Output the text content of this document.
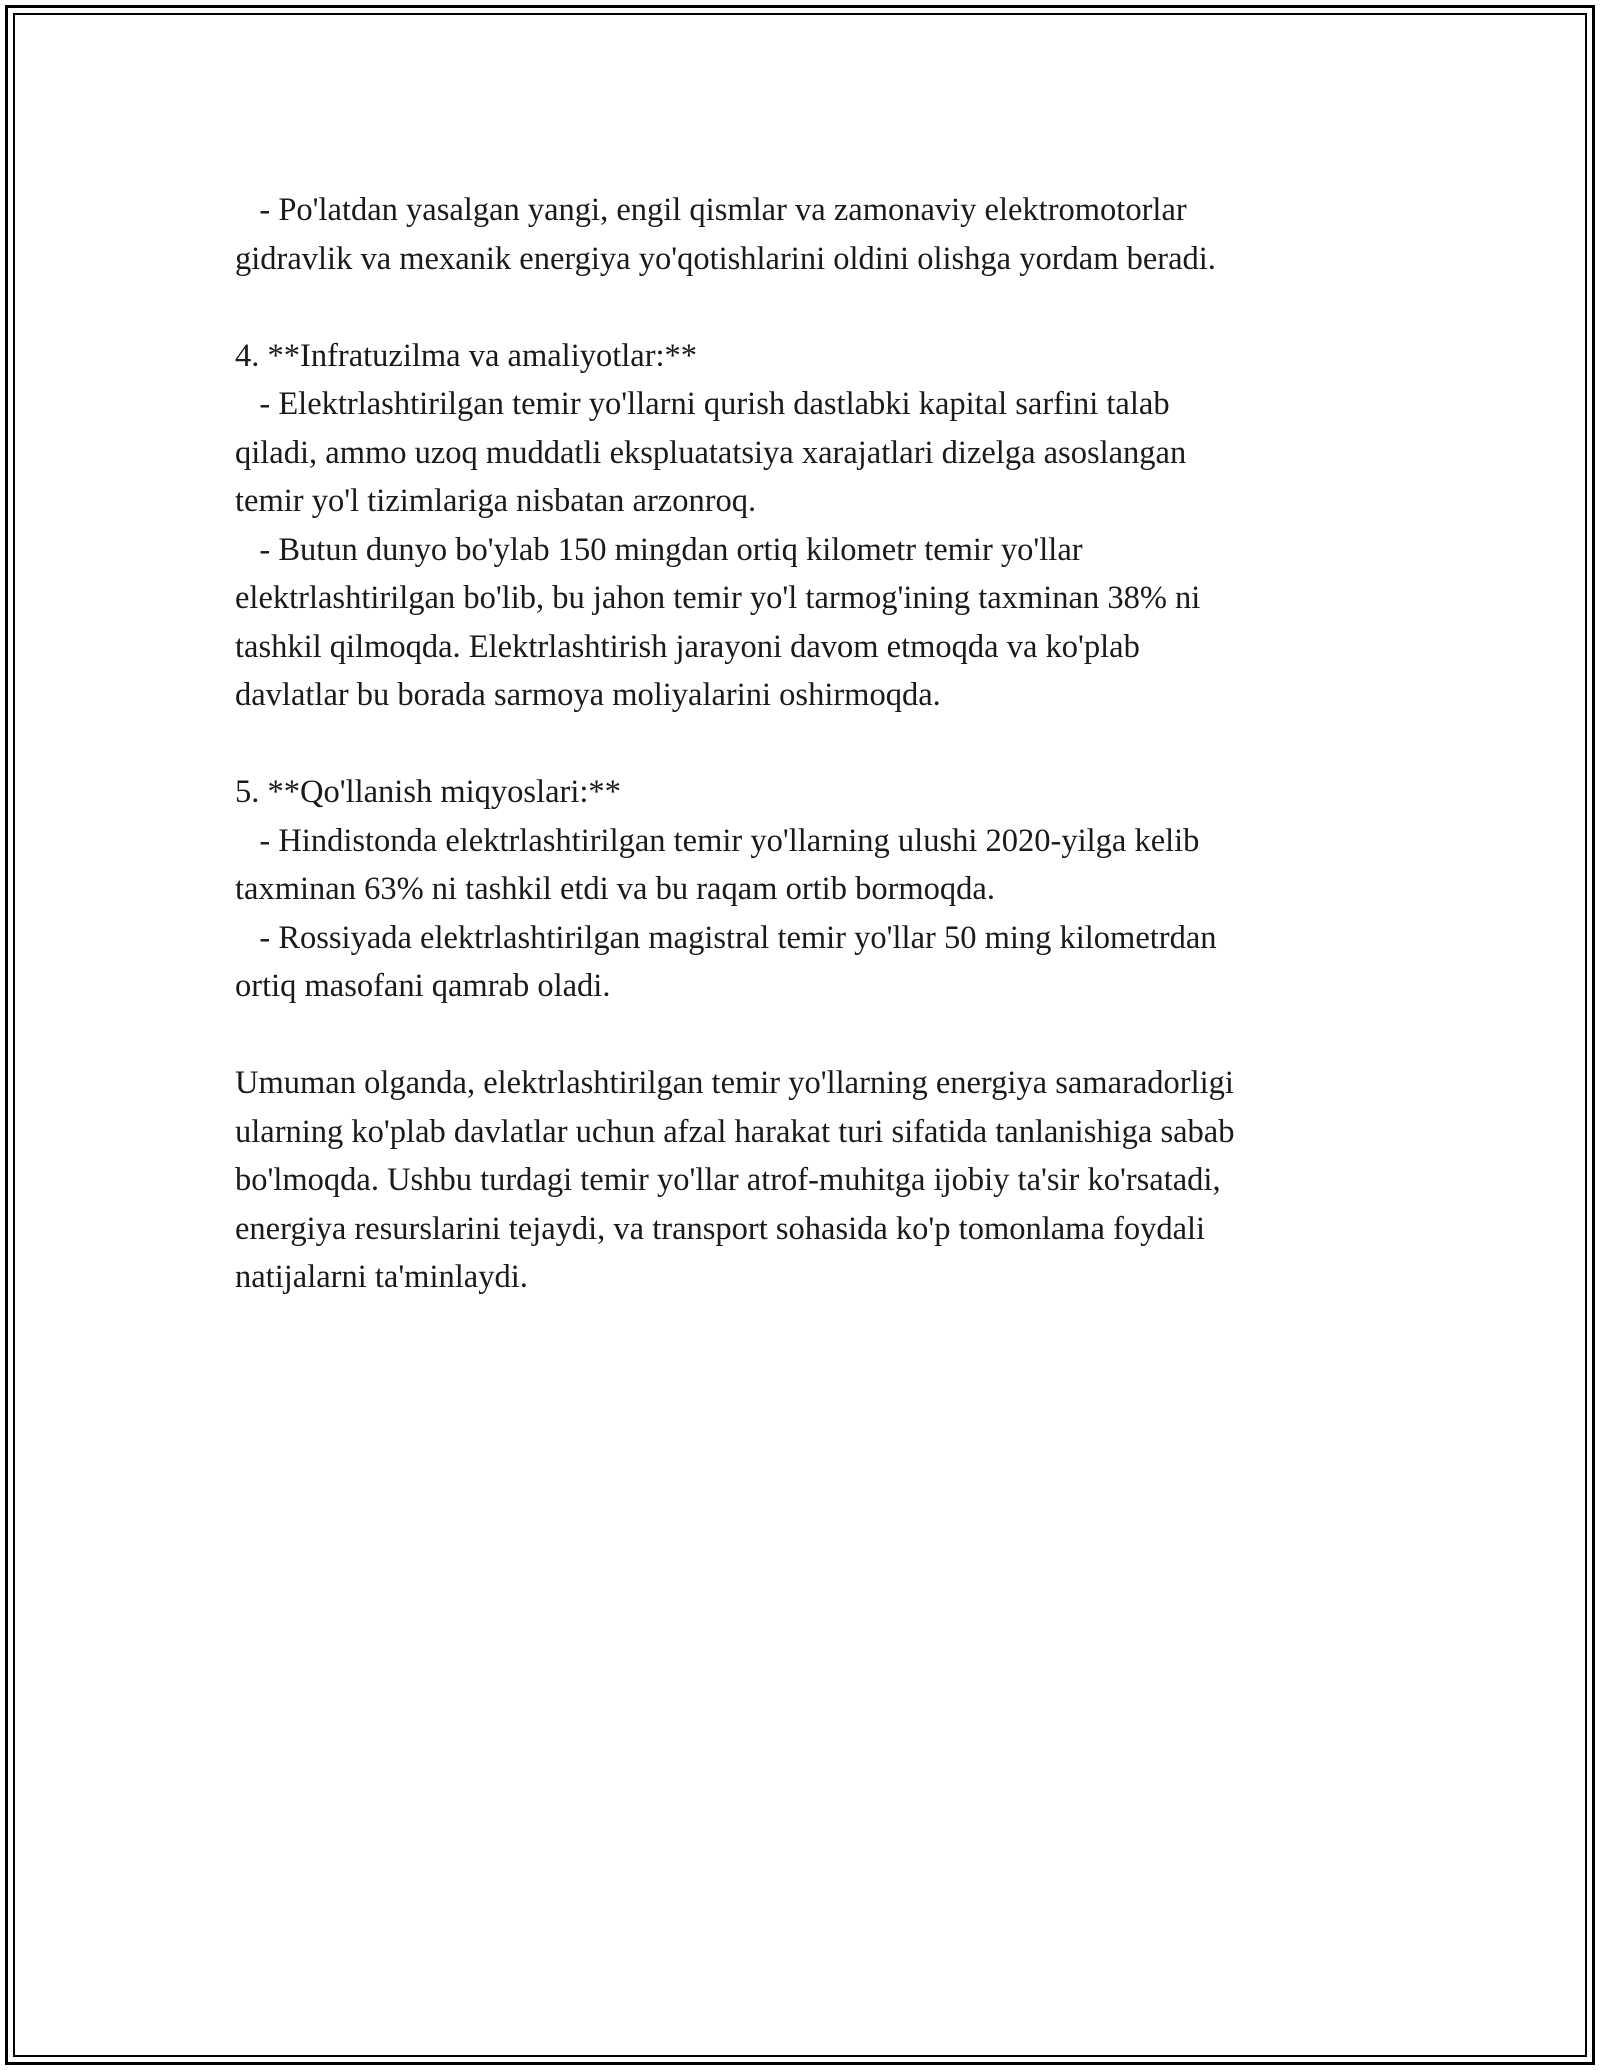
- Po'latdan yasalgan yangi, engil qismlar va zamonaviy elektromotorlar
gidravlik va mexanik energiya yo'qotishlarini oldini olishga yordam beradi.
4. **Infratuzilma va amaliyotlar:**
- Elektrlashtirilgan temir yo'llarni qurish dastlabki kapital sarfini talab
qiladi, ammo uzoq muddatli ekspluatatsiya xarajatlari dizelga asoslangan
temir yo'l tizimlariga nisbatan arzonroq.
- Butun dunyo bo'ylab 150 mingdan ortiq kilometr temir yo'llar
elektrlashtirilgan bo'lib, bu jahon temir yo'l tarmog'ining taxminan 38% ni
tashkil qilmoqda. Elektrlashtirish jarayoni davom etmoqda va ko'plab
davlatlar bu borada sarmoya moliyalarini oshirmoqda.
5. **Qo'llanish miqyoslari:**
- Hindistonda elektrlashtirilgan temir yo'llarning ulushi 2020-yilga kelib
taxminan 63% ni tashkil etdi va bu raqam ortib bormoqda.
- Rossiyada elektrlashtirilgan magistral temir yo'llar 50 ming kilometrdan
ortiq masofani qamrab oladi.
Umuman olganda, elektrlashtirilgan temir yo'llarning energiya samaradorligi
ularning ko'plab davlatlar uchun afzal harakat turi sifatida tanlanishiga sabab
bo'lmoqda. Ushbu turdagi temir yo'llar atrof-muhitga ijobiy ta'sir ko'rsatadi,
energiya resurslarini tejaydi, va transport sohasida ko'p tomonlama foydali
natijalarni ta'minlaydi.
